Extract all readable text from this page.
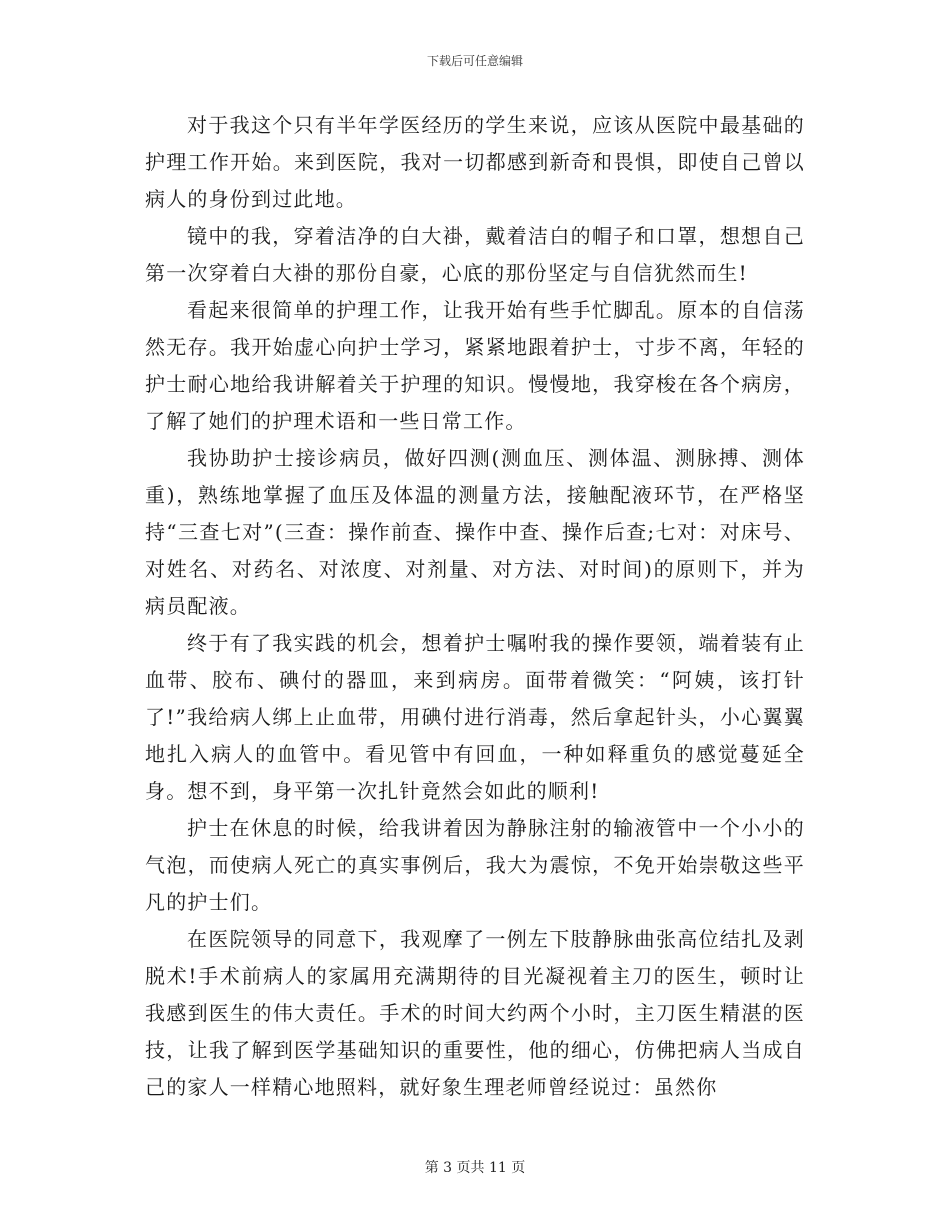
下载后可任意编辑

对于我这个只有半年学医经历的学生来说，应该从医院中最基础的护理工作开始。来到医院，我对一切都感到新奇和畏惧，即使自己曾以病人的身份到过此地。

镜中的我，穿着洁净的白大褂，戴着洁白的帽子和口罩，想想自己第一次穿着白大褂的那份自豪，心底的那份坚定与自信犹然而生!

看起来很简单的护理工作，让我开始有些手忙脚乱。原本的自信荡然无存。我开始虚心向护士学习，紧紧地跟着护士，寸步不离，年轻的护士耐心地给我讲解着关于护理的知识。慢慢地，我穿梭在各个病房，了解了她们的护理术语和一些日常工作。

我协助护士接诊病员，做好四测(测血压、测体温、测脉搏、测体重)，熟练地掌握了血压及体温的测量方法，接触配液环节，在严格坚持“三查七对”(三查：操作前查、操作中查、操作后查;七对：对床号、对姓名、对药名、对浓度、对剂量、对方法、对时间)的原则下，并为病员配液。

终于有了我实践的机会，想着护士嘱咐我的操作要领，端着装有止血带、胶布、碘付的器皿，来到病房。面带着微笑：“阿姨，该打针了!”我给病人绑上止血带，用碘付进行消毒，然后拿起针头，小心翼翼地扎入病人的血管中。看见管中有回血，一种如释重负的感觉蔓延全身。想不到，身平第一次扎针竟然会如此的顺利!

护士在休息的时候，给我讲着因为静脉注射的输液管中一个小小的气泡，而使病人死亡的真实事例后，我大为震惊，不免开始崇敬这些平凡的护士们。

在医院领导的同意下，我观摩了一例左下肢静脉曲张高位结扎及剥脱术!手术前病人的家属用充满期待的目光凝视着主刀的医生，顿时让我感到医生的伟大责任。手术的时间大约两个小时，主刀医生精湛的医技，让我了解到医学基础知识的重要性，他的细心，仿佛把病人当成自己的家人一样精心地照料，就好象生理老师曾经说过：虽然你

第 3 页共 11 页
